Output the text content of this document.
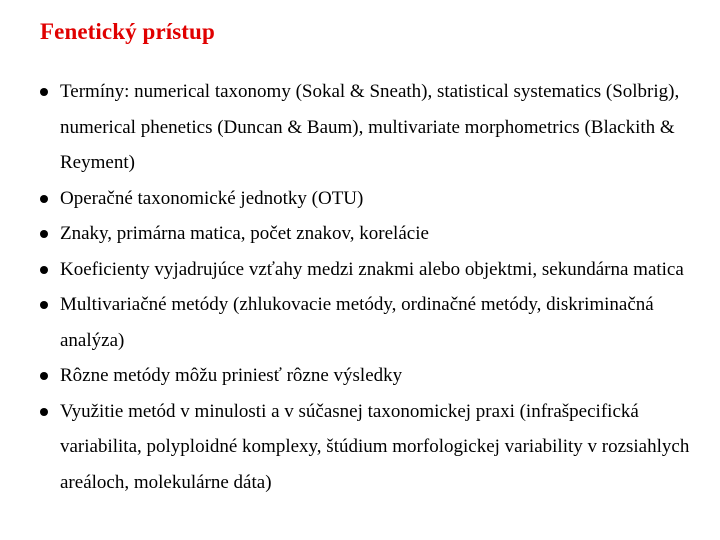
Fenetický prístup
Termíny: numerical taxonomy (Sokal & Sneath), statistical systematics (Solbrig), numerical phenetics (Duncan & Baum), multivariate morphometrics (Blackith & Reyment)
Operačné taxonomické jednotky (OTU)
Znaky, primárna matica, počet znakov, korelácie
Koeficienty vyjadrujúce vzťahy medzi znakmi alebo objektmi, sekundárna matica
Multivariačné metódy (zhlukovacie metódy, ordinačné metódy, diskriminačná analýza)
Rôzne metódy môžu priniesť rôzne výsledky
Využitie metód v minulosti a v súčasnej taxonomickej praxi (infrašpecifická variabilita, polyploidné komplexy, štúdium morfologickej variability v rozsiahlych areáloch, molekulárne dáta)
